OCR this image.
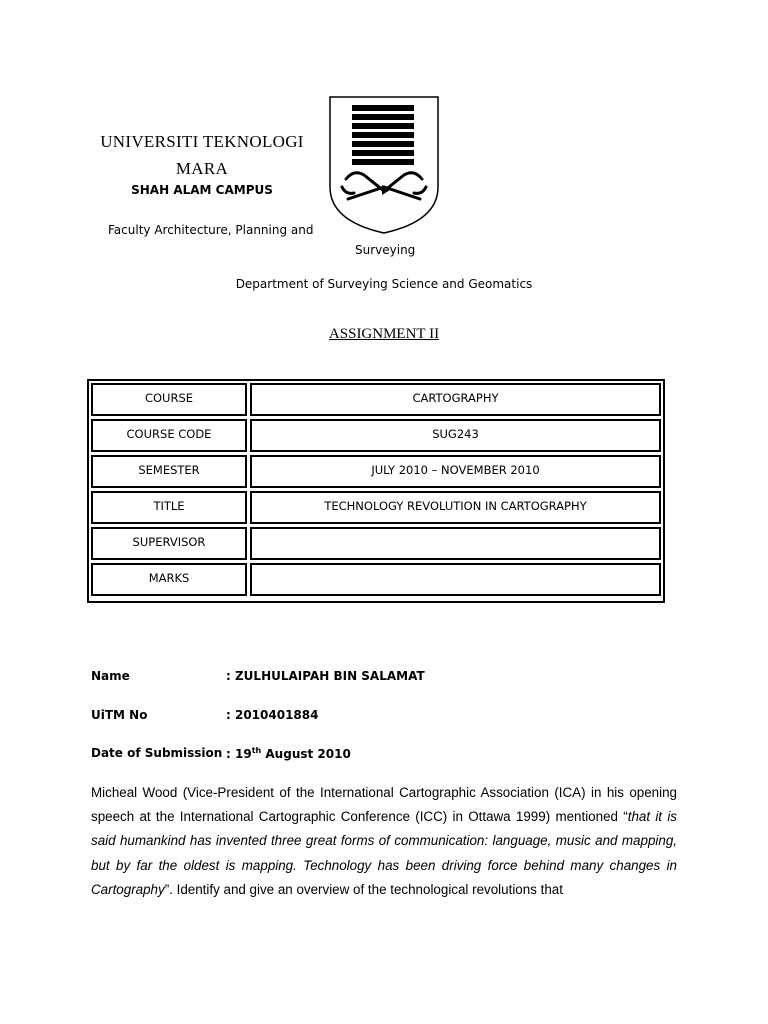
UNIVERSITI TEKNOLOGI MARA
SHAH ALAM CAMPUS
Faculty Architecture, Planning and
Surveying
Department of Surveying Science and Geomatics
ASSIGNMENT II
COURSE	CARTOGRAPHY
COURSE CODE	SUG243
SEMESTER	JULY 2010 – NOVEMBER 2010
TITLE	TECHNOLOGY REVOLUTION IN CARTOGRAPHY
SUPERVISOR
MARKS
Name	: ZULHULAIPAH BIN SALAMAT
UiTM No	: 2010401884
Date of Submission : 19th August 2010
Micheal Wood (Vice-President of the International Cartographic Association (ICA) in his opening speech at the International Cartographic Conference (ICC) in Ottawa 1999) mentioned “that it is said humankind has invented three great forms of communication: language, music and mapping, but by far the oldest is mapping. Technology has been driving force behind many changes in Cartography”. Identify and give an overview of the technological revolutions that
